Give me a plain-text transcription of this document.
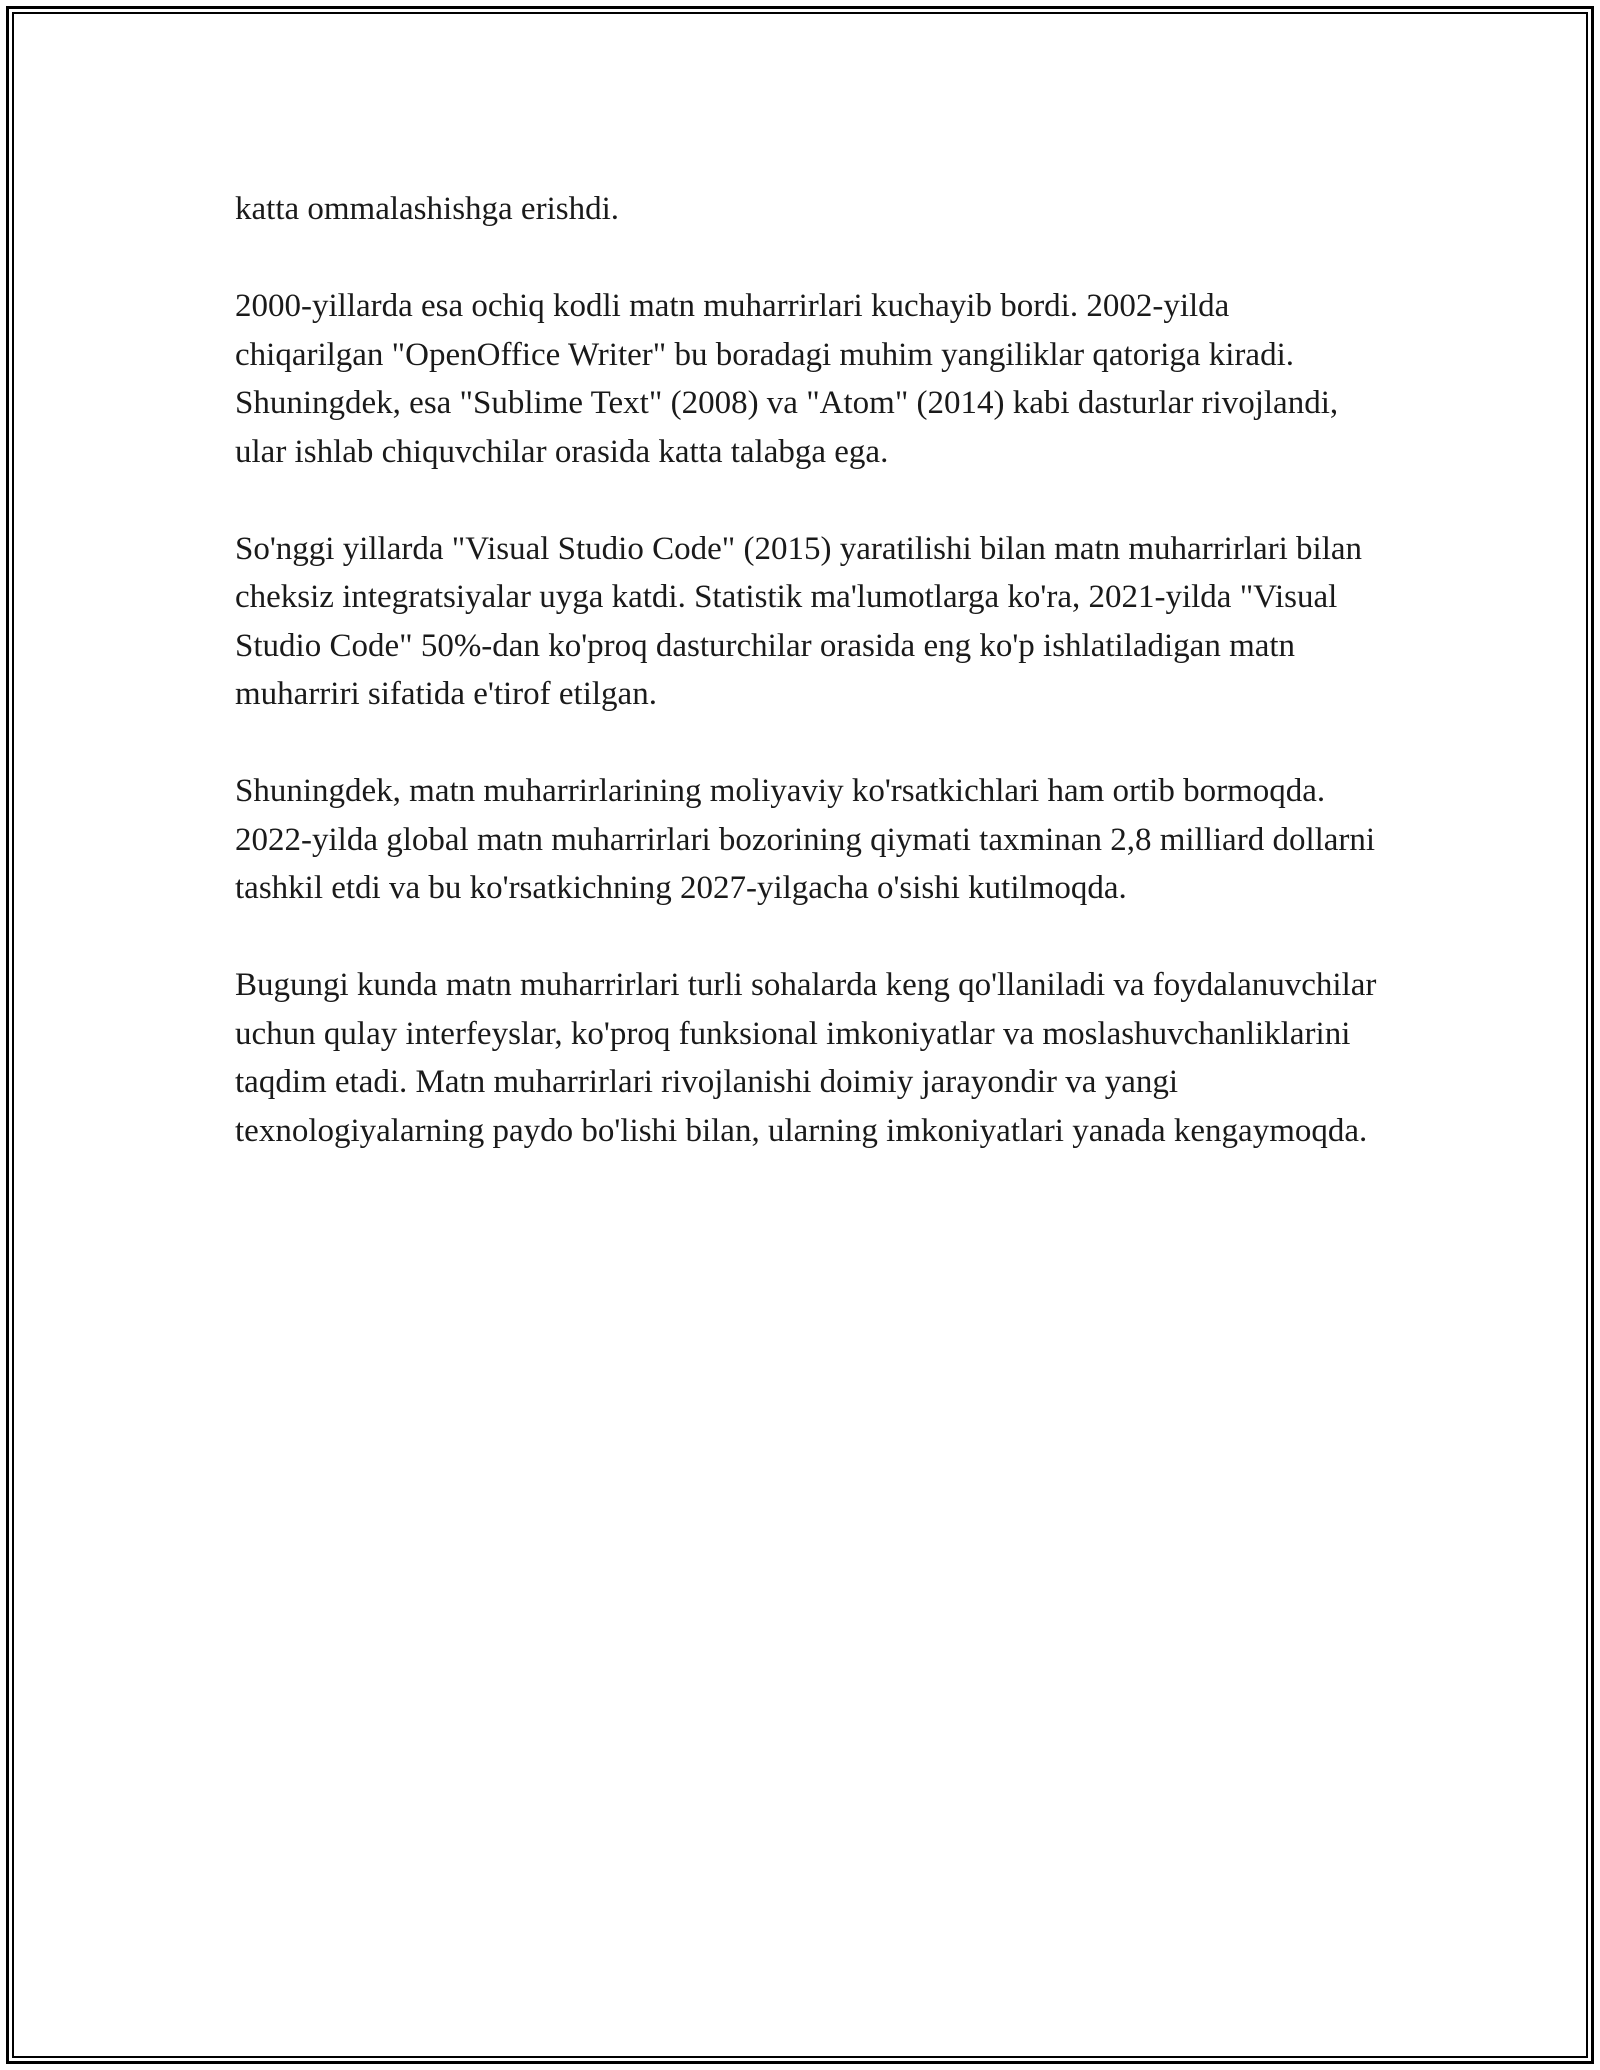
katta ommalashishga erishdi.

2000-yillarda esa ochiq kodli matn muharrirlari kuchayib bordi. 2002-yilda chiqarilgan "OpenOffice Writer" bu boradagi muhim yangiliklar qatoriga kiradi. Shuningdek, esa "Sublime Text" (2008) va "Atom" (2014) kabi dasturlar rivojlandi, ular ishlab chiquvchilar orasida katta talabga ega.

So'nggi yillarda "Visual Studio Code" (2015) yaratilishi bilan matn muharrirlari bilan cheksiz integratsiyalar uyga katdi. Statistik ma'lumotlarga ko'ra, 2021-yilda "Visual Studio Code" 50%-dan ko'proq dasturchilar orasida eng ko'p ishlatiladigan matn muharriri sifatida e'tirof etilgan.

Shuningdek, matn muharrirlarining moliyaviy ko'rsatkichlari ham ortib bormoqda. 2022-yilda global matn muharrirlari bozorining qiymati taxminan 2,8 milliard dollarni tashkil etdi va bu ko'rsatkichning 2027-yilgacha o'sishi kutilmoqda.

Bugungi kunda matn muharrirlari turli sohalarda keng qo'llaniladi va foydalanuvchilar uchun qulay interfeyslar, ko'proq funksional imkoniyatlar va moslashuvchanliklarini taqdim etadi. Matn muharrirlari rivojlanishi doimiy jarayondir va yangi texnologiyalarning paydo bo'lishi bilan, ularning imkoniyatlari yanada kengaymoqda.
